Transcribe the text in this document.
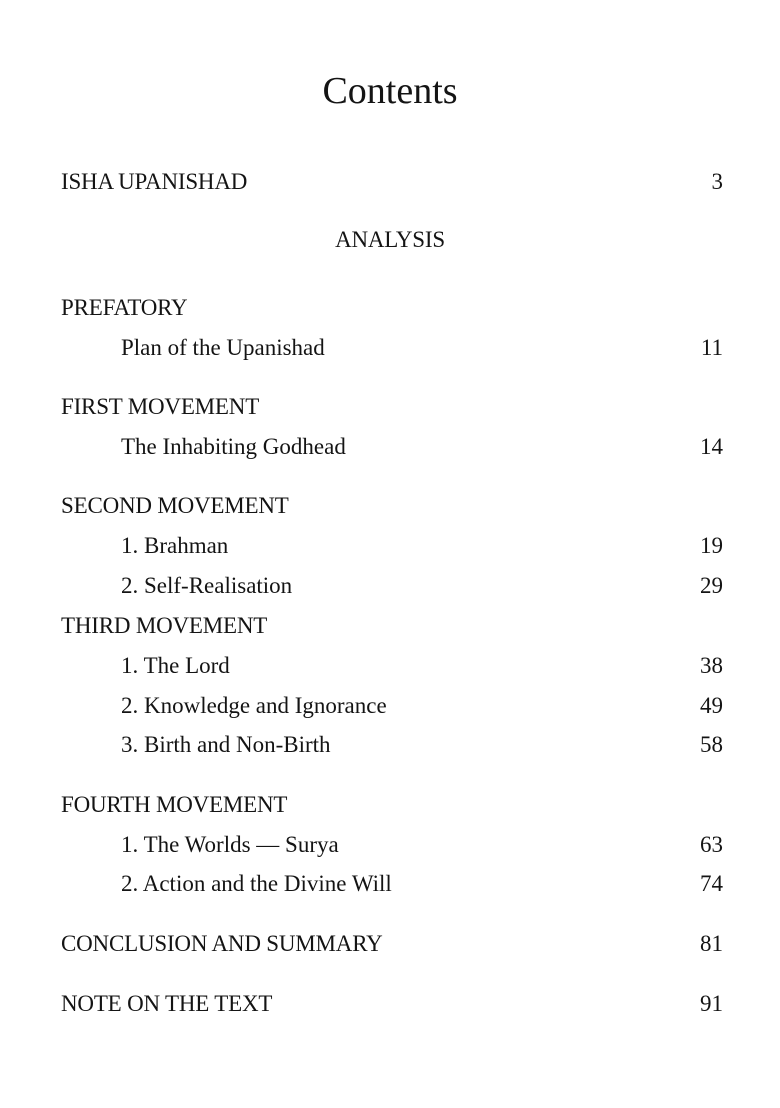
Contents
ISHA UPANISHAD	3
ANALYSIS
PREFATORY
Plan of the Upanishad	11
FIRST MOVEMENT
The Inhabiting Godhead	14
SECOND MOVEMENT
1. Brahman	19
2. Self-Realisation	29
THIRD MOVEMENT
1. The Lord	38
2. Knowledge and Ignorance	49
3. Birth and Non-Birth	58
FOURTH MOVEMENT
1. The Worlds — Surya	63
2. Action and the Divine Will	74
CONCLUSION AND SUMMARY	81
NOTE ON THE TEXT	91
